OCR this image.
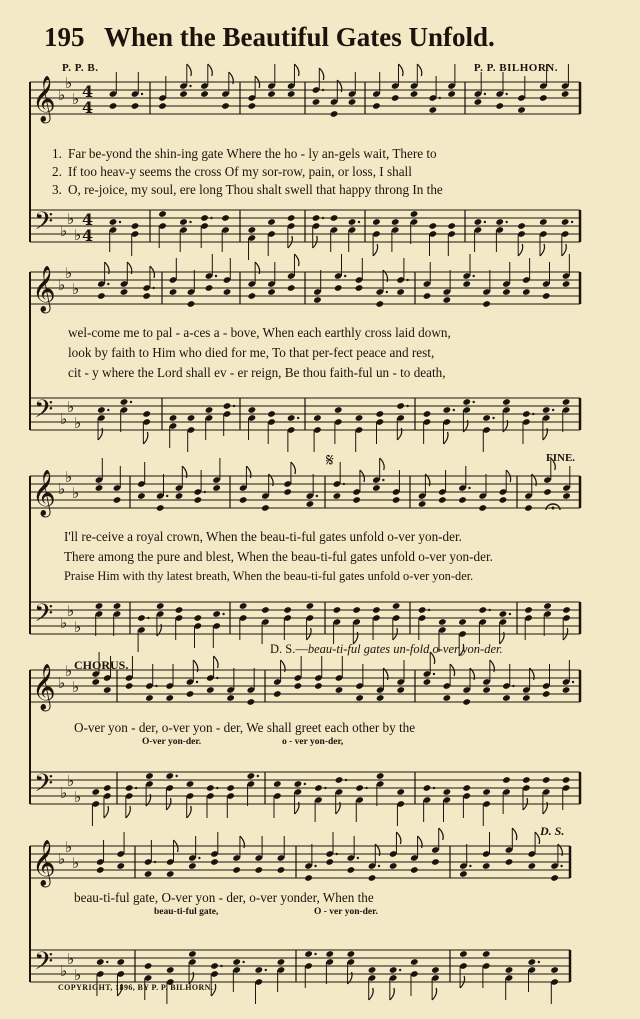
𝄞 ♭
♭
♭
𝄢 ♭
♭
♭
4
4
4
4
𝄞 ♭
♭
♭
𝄢 ♭
♭
♭
𝄞 ♭
♭
♭
𝄢 ♭
♭
♭
𝄞 ♭
♭
♭
𝄢 ♭
♭
♭
𝄞 ♭
♭
♭
𝄢 ♭
♭
♭
𝄋
195 When the Beautiful Gates Unfold.
P. P. B.	P. P. BILHORN.
1. Far be-yond the shin-ing gate Where the ho - ly an-gels wait, There to
2. If too heav-y seems the cross Of my sor-row, pain, or loss, I shall
3. O, re-joice, my soul, ere long Thou shalt swell that happy throng In the
wel-come me to pal - a-ces a - bove, When each earthly cross laid down,
look by faith to Him who died for me, To that per-fect peace and rest,
cit - y where the Lord shall ev - er reign, Be thou faith-ful un - to death,
I'll re-ceive a royal crown, When the beau-ti-ful gates unfold o-ver yon-der.
There among the pure and blest, When the beau-ti-ful gates unfold o-ver yon-der.
Praise Him with thy latest breath, When the beau-ti-ful gates unfold o-ver yon-der.
FINE.
D. S.—beau-ti-ful gates un-fold o-ver yon-der.
CHORUS.
O-ver yon - der, o-ver yon - der, We shall greet each other by the
O-ver yon-der.	o - ver yon-der,
D. S.
beau-ti-ful gate, O-ver yon - der, o-ver yonder, When the
beau-ti-ful gate,	O - ver yon-der.
COPYRIGHT, 1896, BY P. P. BILHORN.
